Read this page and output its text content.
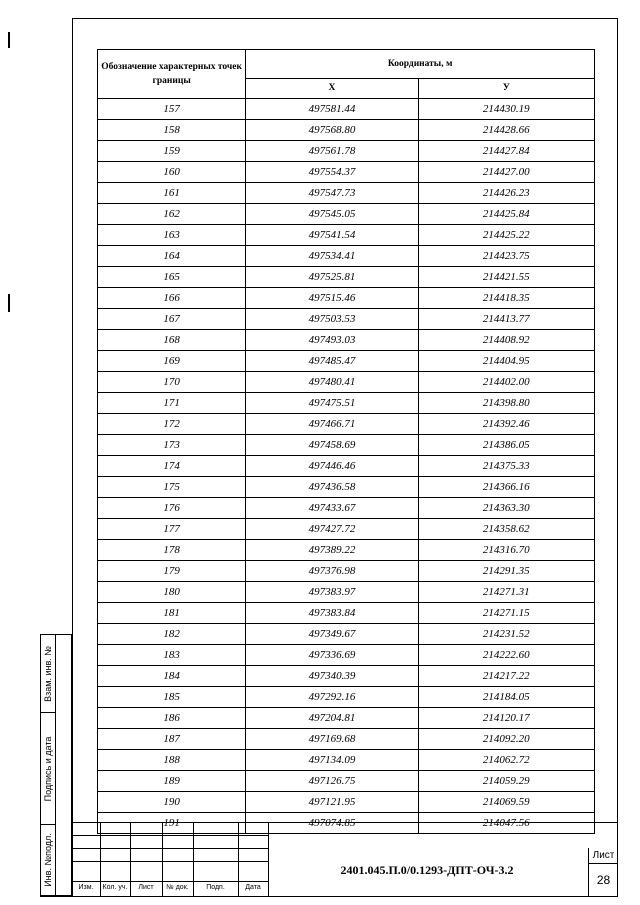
Обозначение характерных точек границы	Координаты, м	
	X	У
157	497581.44	214430.19
158	497568.80	214428.66
159	497561.78	214427.84
160	497554.37	214427.00
161	497547.73	214426.23
162	497545.05	214425.84
163	497541.54	214425.22
164	497534.41	214423.75
165	497525.81	214421.55
166	497515.46	214418.35
167	497503.53	214413.77
168	497493.03	214408.92
169	497485.47	214404.95
170	497480.41	214402.00
171	497475.51	214398.80
172	497466.71	214392.46
173	497458.69	214386.05
174	497446.46	214375.33
175	497436.58	214366.16
176	497433.67	214363.30
177	497427.72	214358.62
178	497389.22	214316.70
179	497376.98	214291.35
180	497383.97	214271.31
181	497383.84	214271.15
182	497349.67	214231.52
183	497336.69	214222.60
184	497340.39	214217.22
185	497292.16	214184.05
186	497204.81	214120.17
187	497169.68	214092.20
188	497134.09	214062.72
189	497126.75	214059.29
190	497121.95	214069.59
191	497074.85	214047.56
Взам. инв. №
Подпись и дата
Инв. №подл.
Изм.	Кол. уч.	Лист	№ док.	Подп.	Дата
2401.045.П.0/0.1293-ДПТ-ОЧ-3.2
Лист
28
